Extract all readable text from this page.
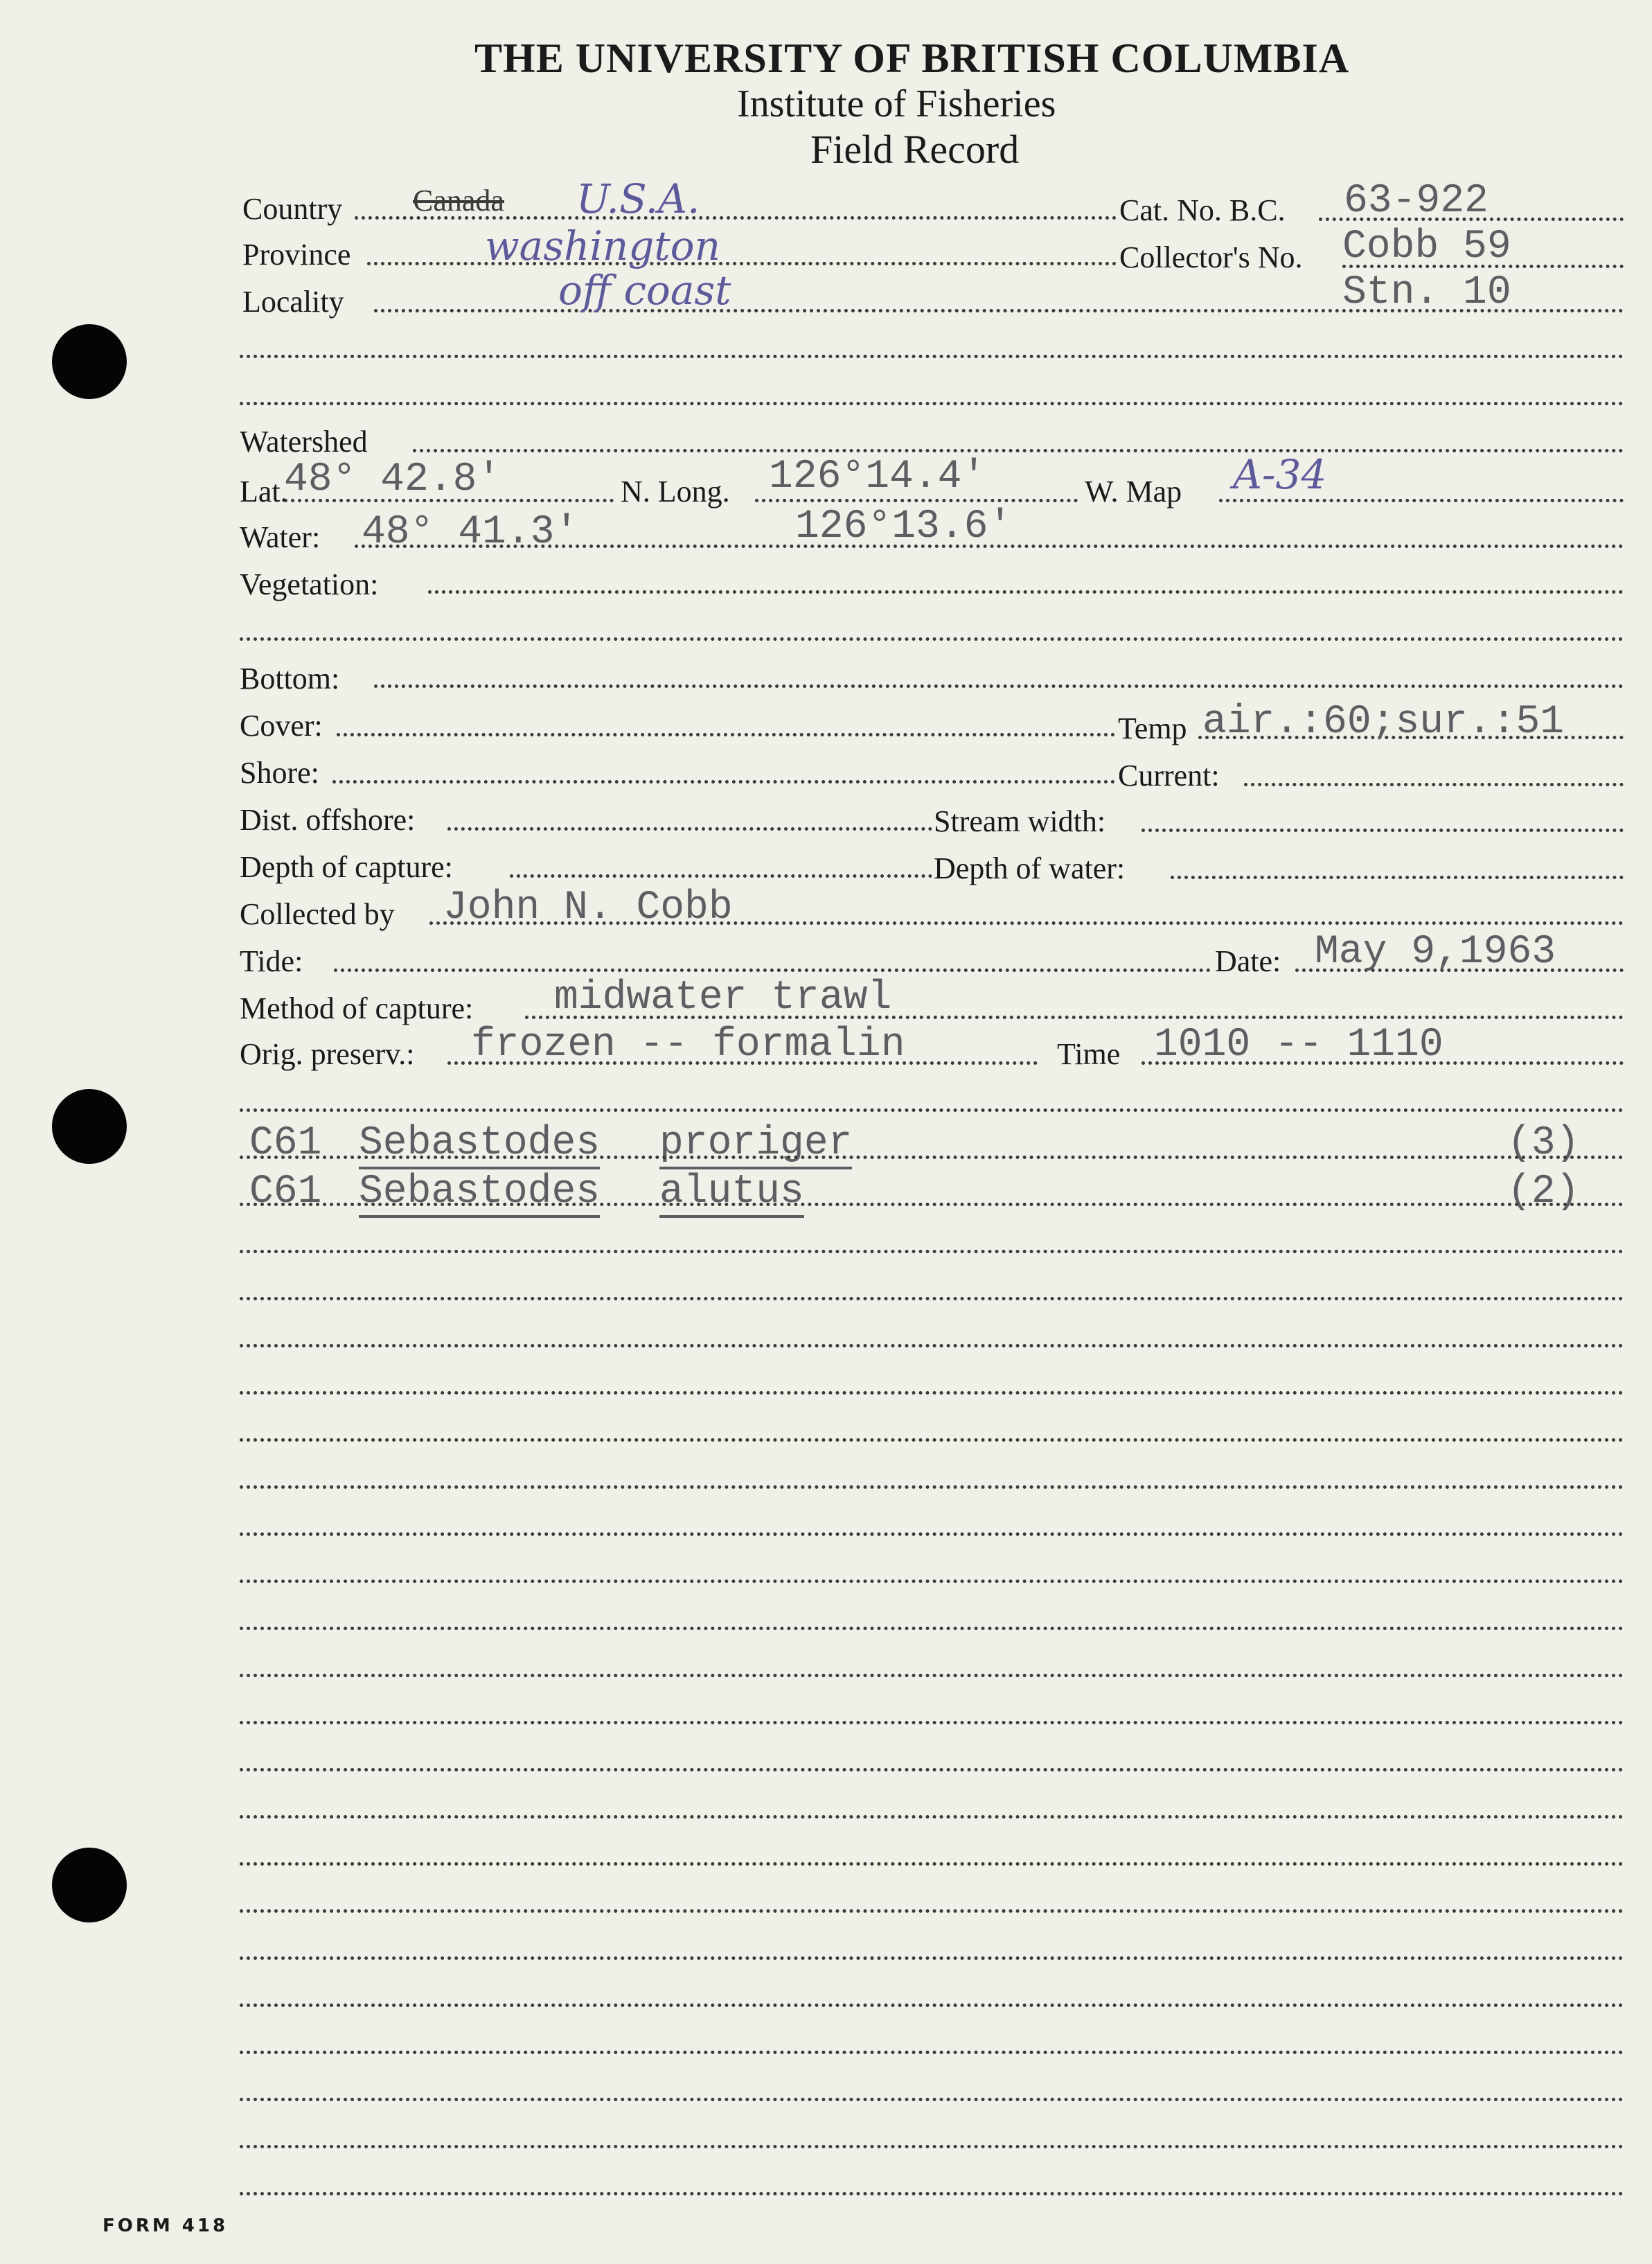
THE UNIVERSITY OF BRITISH COLUMBIA
Institute of Fisheries
Field Record
Country Canada U.S.A.	Cat. No. B.C. 63-922
Province	washington	Collector's No. Cobb 59
Locality	off coast	Stn. 10
Watershed
Lat.
48° 42.8'	N. Long. 126°14.4'	W. Map A-34
Water: 48° 41.3'	126°13.6'
Vegetation:
Bottom:
Cover:	Temp air.:60;sur.:51
Shore:	Current:
Dist. offshore:	Stream width:
Depth of capture:	Depth of water:
Collected by John N. Cobb
Tide:	Date: May 9,1963
Method of capture: midwater trawl
Orig. preserv.: frozen -- formalin	Time 1010 -- 1110
C61 Sebastodes proriger	(3)
C61 Sebastodes alutus	(2)
FORM 418
